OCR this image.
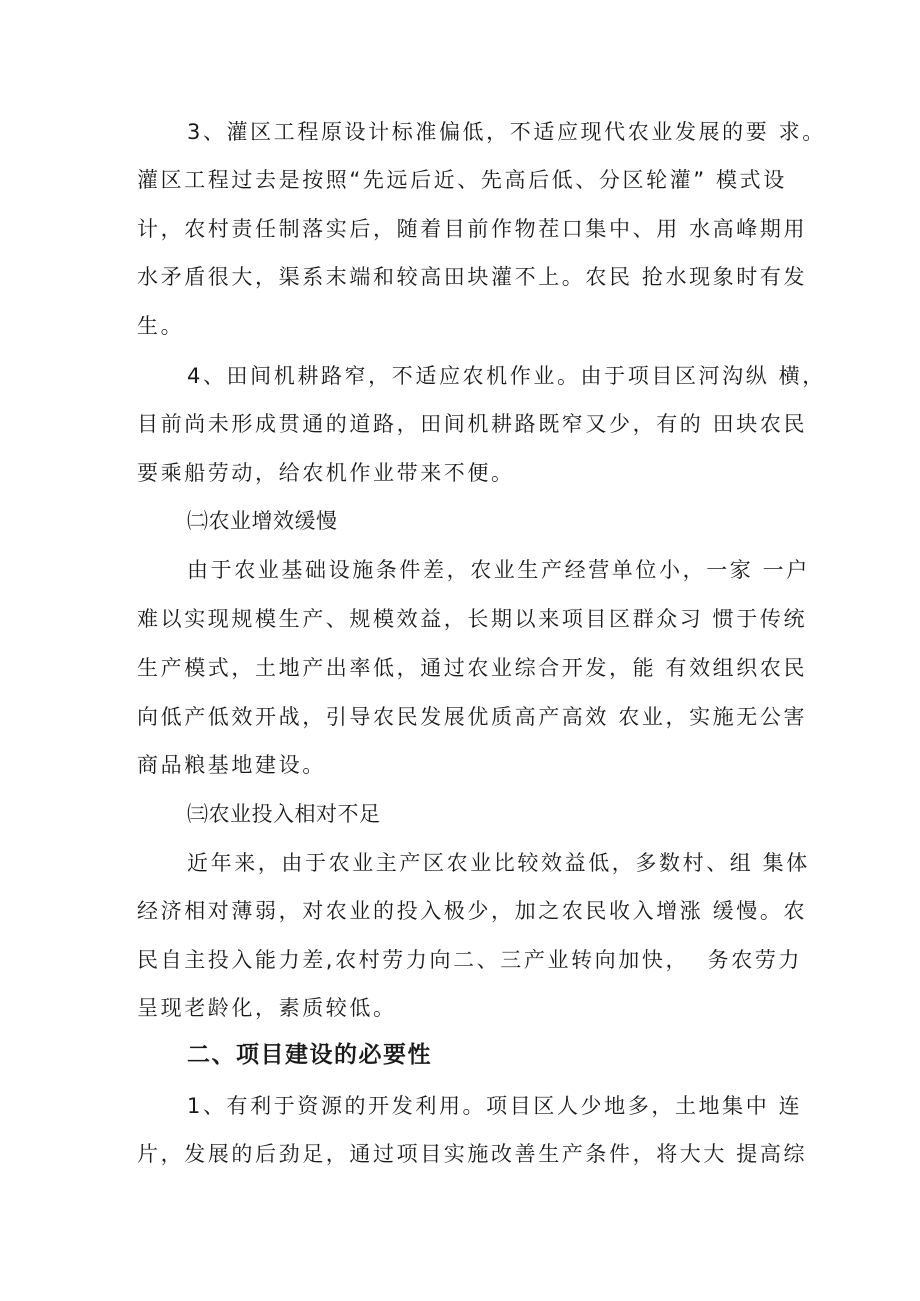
3、灌区工程原设计标准偏低，不适应现代农业发展的要 求。
灌区工程过去是按照“先远后近、先高后低、分区轮灌” 模式设
计，农村责任制落实后，随着目前作物茬口集中、用 水高峰期用
水矛盾很大，渠系末端和较高田块灌不上。农民 抢水现象时有发
生。
4、田间机耕路窄，不适应农机作业。由于项目区河沟纵 横，
目前尚未形成贯通的道路，田间机耕路既窄又少，有的 田块农民
要乘船劳动，给农机作业带来不便。
㈡农业增效缓慢
由于农业基础设施条件差，农业生产经营单位小，一家 一户
难以实现规模生产、规模效益，长期以来项目区群众习 惯于传统
生产模式，土地产出率低，通过农业综合开发，能 有效组织农民
向低产低效开战，引导农民发展优质高产高效 农业，实施无公害
商品粮基地建设。
㈢农业投入相对不足
近年来，由于农业主产区农业比较效益低，多数村、组 集体
经济相对薄弱，对农业的投入极少，加之农民收入增涨 缓慢。农
民自主投入能力差,农村劳力向二、三产业转向加快，  务农劳力
呈现老龄化，素质较低。
二、项目建设的必要性
1、有利于资源的开发利用。项目区人少地多，土地集中 连
片，发展的后劲足，通过项目实施改善生产条件，将大大 提高综
